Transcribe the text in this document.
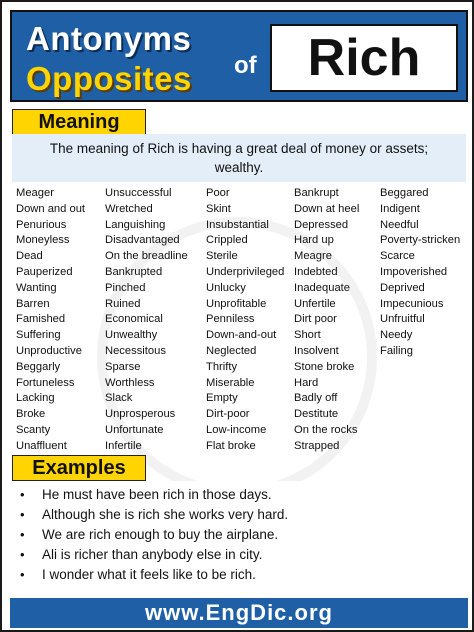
Antonyms
Opposites of Rich
Meaning
The meaning of Rich is having a great deal of money or assets; wealthy.
Meager
Down and out
Penurious
Moneyless
Dead
Pauperized
Wanting
Barren
Famished
Suffering
Unproductive
Beggarly
Fortuneless
Lacking
Broke
Scanty
Unaffluent
Unsuccessful
Wretched
Languishing
Disadvantaged
On the breadline
Bankrupted
Pinched
Ruined
Economical
Unwealthy
Necessitous
Sparse
Worthless
Slack
Unprosperous
Unfortunate
Infertile
Poor
Skint
Insubstantial
Crippled
Sterile
Underprivileged
Unlucky
Unprofitable
Penniless
Down-and-out
Neglected
Thrifty
Miserable
Empty
Dirt-poor
Low-income
Flat broke
Bankrupt
Down at heel
Depressed
Hard up
Meagre
Indebted
Inadequate
Unfertile
Dirt poor
Short
Insolvent
Stone broke
Hard
Badly off
Destitute
On the rocks
Strapped
Beggared
Indigent
Needful
Poverty-stricken
Scarce
Impoverished
Deprived
Impecunious
Unfruitful
Needy
Failing
Examples
• He must have been rich in those days.
• Although she is rich she works very hard.
• We are rich enough to buy the airplane.
• Ali is richer than anybody else in city.
• I wonder what it feels like to be rich.
www.EngDic.org
